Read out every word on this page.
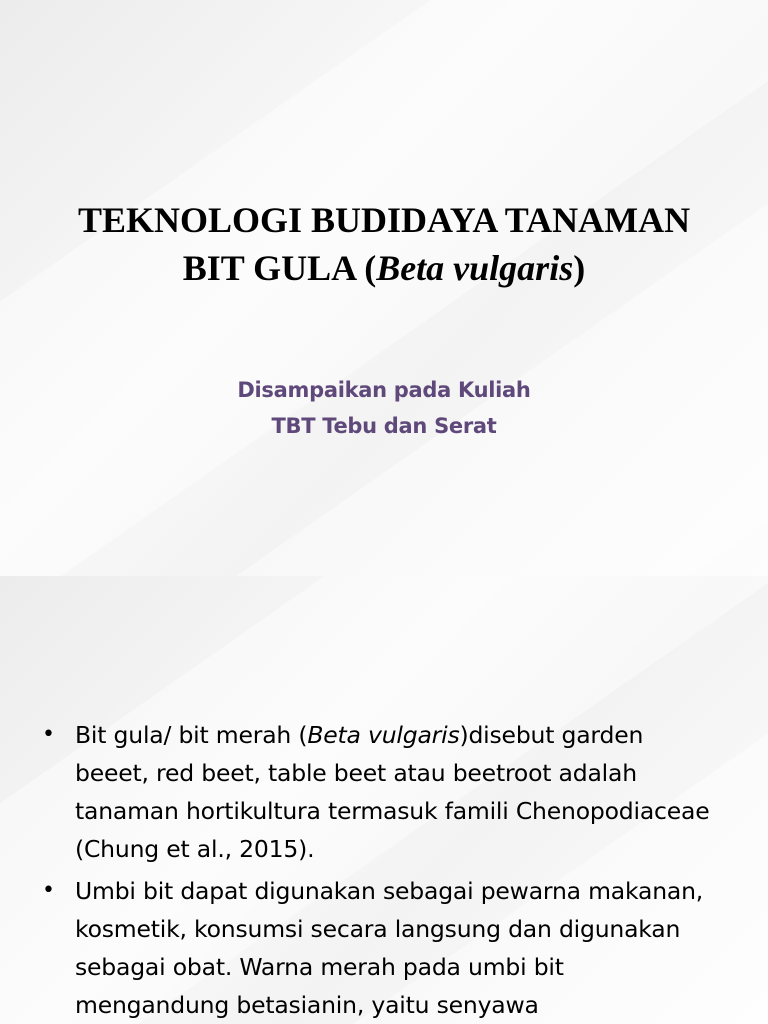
TEKNOLOGI BUDIDAYA TANAMAN
BIT GULA (Beta vulgaris)
Disampaikan pada Kuliah
TBT Tebu dan Serat
• Bit gula/ bit merah (Beta vulgaris)disebut garden beeet, red beet, table beet atau beetroot adalah tanaman hortikultura termasuk famili Chenopodiaceae (Chung et al., 2015).
• Umbi bit dapat digunakan sebagai pewarna makanan, kosmetik, konsumsi secara langsung dan digunakan sebagai obat. Warna merah pada umbi bit mengandung betasianin, yaitu senyawa
